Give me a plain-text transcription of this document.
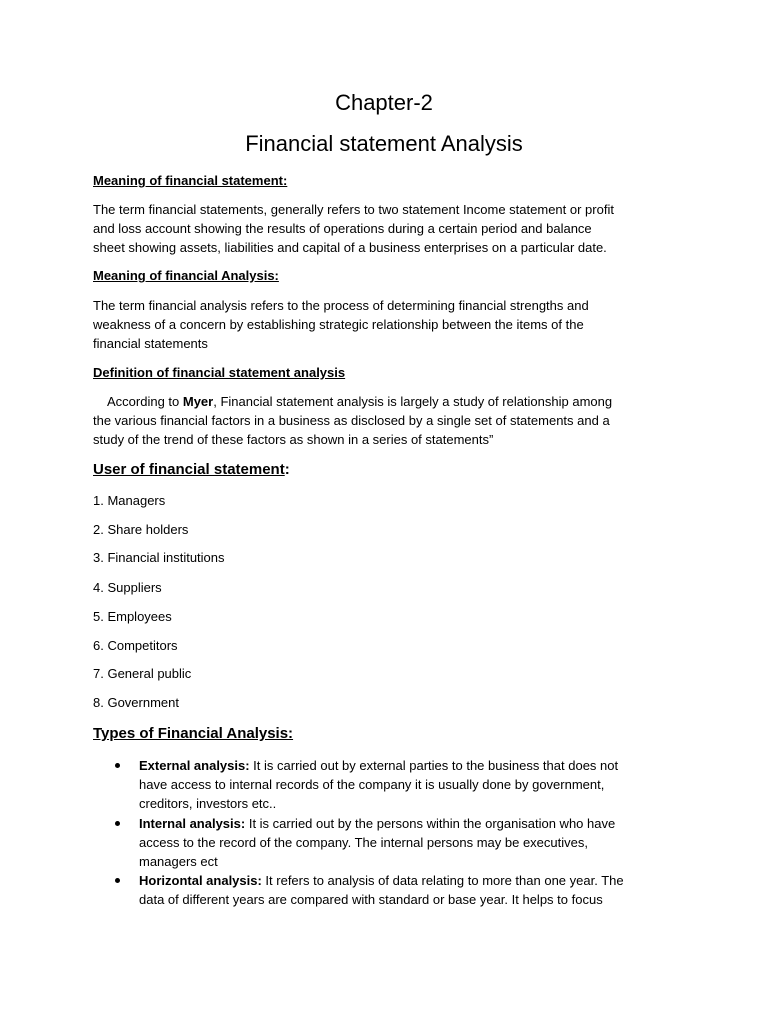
Chapter-2
Financial statement Analysis
Meaning of financial statement:

The term financial statements, generally refers to two statement Income statement or profit

and loss account showing the results of operations during a certain period and balance

sheet showing assets, liabilities and capital of a business enterprises on a particular date.

Meaning of financial Analysis:

The term financial analysis refers to the process of determining financial strengths and

weakness of a concern by establishing strategic relationship between the items of the

financial statements

Definition of financial statement analysis

According to Myer, Financial statement analysis is largely a study of relationship among

the various financial factors in a business as disclosed by a single set of statements and a

study of the trend of these factors as shown in a series of statements”

User of financial statement:
1. Managers
2. Share holders
3. Financial institutions
4. Suppliers
5. Employees
6. Competitors
7. General public
8. Government
Types of Financial Analysis:
External analysis: It is carried out by external parties to the business that does not
have access to internal records of the company it is usually done by government,
creditors, investors etc..
Internal analysis: It is carried out by the persons within the organisation who have
access to the record of the company. The internal persons may be executives,
managers ect
Horizontal analysis: It refers to analysis of data relating to more than one year. The
data of different years are compared with standard or base year. It helps to focus
